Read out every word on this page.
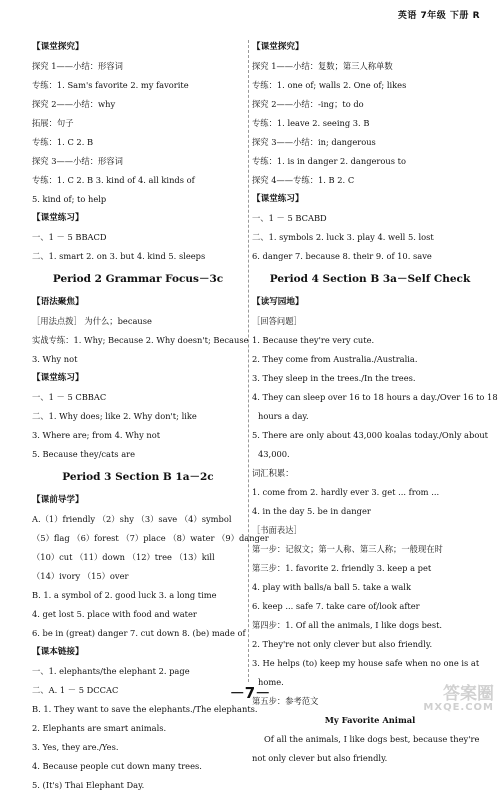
英语 7年级 下册 R
【课堂探究】
探究 1——小结：形容词
专练：1. Sam's favorite 2. my favorite
探究 2——小结：why
拓展：句子
专练：1. C 2. B
探究 3——小结：形容词
专练：1. C 2. B 3. kind of 4. all kinds of
5. kind of; to help
【课堂练习】
一、1 － 5 BBACD
二、1. smart 2. on 3. but 4. kind 5. sleeps
Period 2 Grammar Focus－3c
【语法聚焦】
［用法点拨］ 为什么；because
实战专练：1. Why; Because 2. Why doesn't; Because
3. Why not
【课堂练习】
一、1 － 5 CBBAC
二、1. Why does; like 2. Why don't; like
3. Where are; from 4. Why not
5. Because they/cats are
Period 3 Section B 1a－2c
【课前导学】
A.（1）friendly （2）shy （3）save （4）symbol
（5）flag （6）forest （7）place （8）water （9）danger
（10）cut （11）down （12）tree （13）kill
（14）ivory （15）over
B. 1. a symbol of 2. good luck 3. a long time
4. get lost 5. place with food and water
6. be in (great) danger 7. cut down 8. (be) made of
【课本链接】
一、1. elephants/the elephant 2. page
二、A. 1 － 5 DCCAC
B. 1. They want to save the elephants./The elephants.
2. Elephants are smart animals.
3. Yes, they are./Yes.
4. Because people cut down many trees.
5. (It's) Thai Elephant Day.
【课堂探究】
探究 1——小结：复数；第三人称单数
专练：1. one of; walls 2. One of; likes
探究 2——小结：-ing；to do
专练：1. leave 2. seeing 3. B
探究 3——小结：in; dangerous
专练：1. is in danger 2. dangerous to
探究 4——专练：1. B 2. C
【课堂练习】
一、1 － 5 BCABD
二、1. symbols 2. luck 3. play 4. well 5. lost
6. danger 7. because 8. their 9. of 10. save
Period 4 Section B 3a－Self Check
【读写园地】
［回答问题］
1. Because they're very cute.
2. They come from Australia./Australia.
3. They sleep in the trees./In the trees.
4. They can sleep over 16 to 18 hours a day./Over 16 to 18
hours a day.
5. There are only about 43,000 koalas today./Only about
43,000.
词汇积累：
1. come from 2. hardly ever 3. get ... from ...
4. in the day 5. be in danger
［书面表达］
第一步：记叙文；第一人称、第三人称；一般现在时
第三步：1. favorite 2. friendly 3. keep a pet
4. play with balls/a ball 5. take a walk
6. keep ... safe 7. take care of/look after
第四步：1. Of all the animals, I like dogs best.
2. They're not only clever but also friendly.
3. He helps (to) keep my house safe when no one is at
home.
第五步：参考范文
My Favorite Animal
Of all the animals, I like dogs best, because they're
not only clever but also friendly.
－7－	答案圈
MXQE.COM
